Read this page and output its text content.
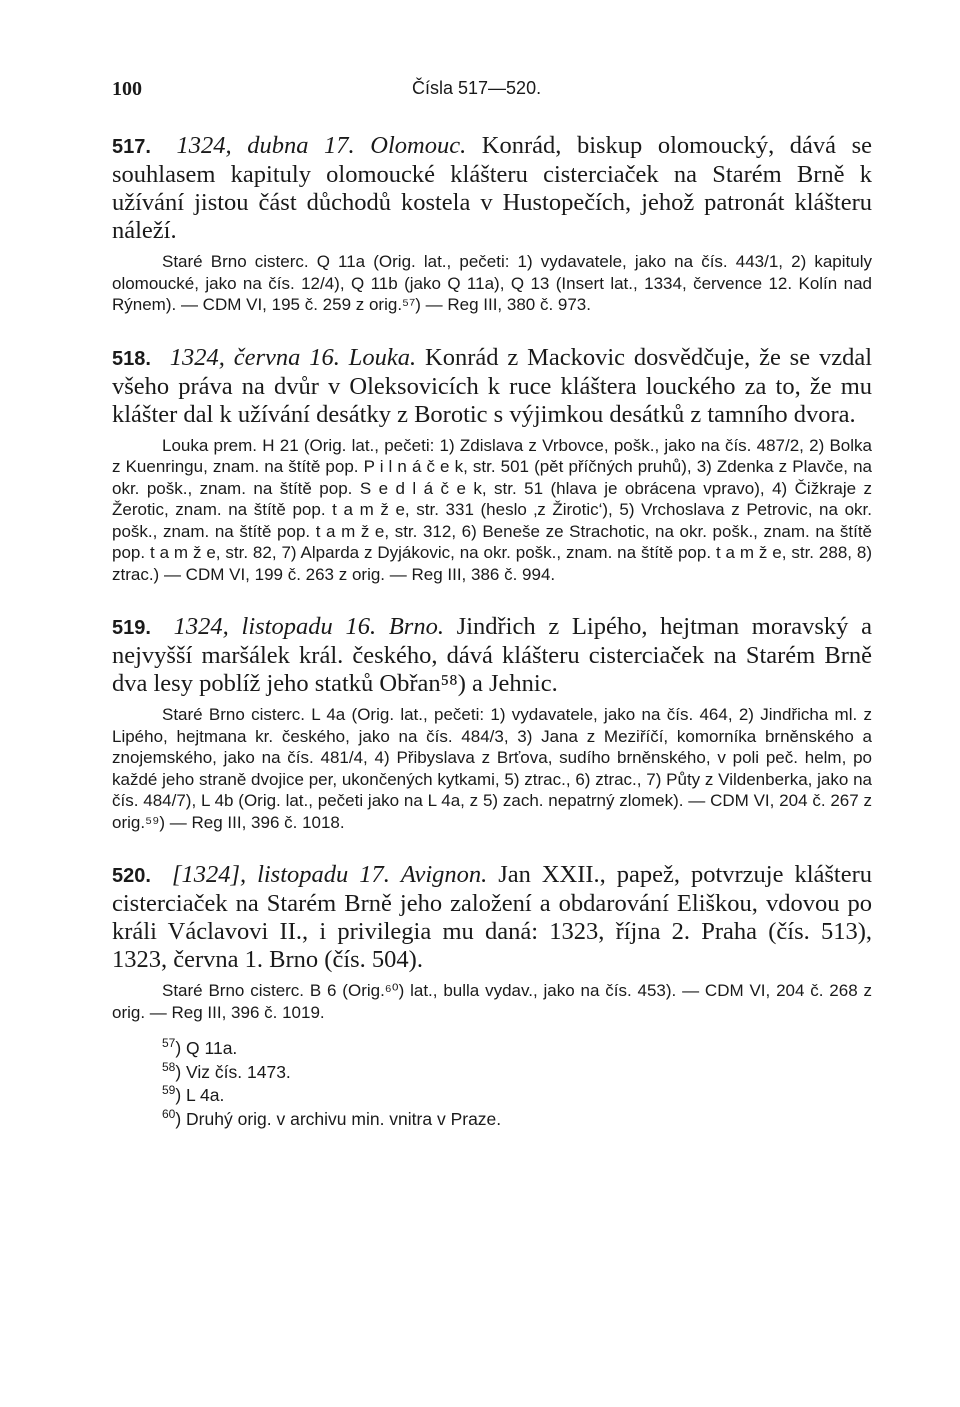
100	Čísla 517—520.

517. 1324, dubna 17. Olomouc. Konrád, biskup olomoucký, dává se souhlasem kapituly olomoucké klášteru cisterciaček na Starém Brně k užívání jistou část důchodů kostela v Hustopečích, jehož patronát klášteru náleží.

Staré Brno cisterc. Q 11a (Orig. lat., pečeti: 1) vydavatele, jako na čís. 443/1, 2) kapituly olomoucké, jako na čís. 12/4), Q 11b (jako Q 11a), Q 13 (Insert lat., 1334, července 12. Kolín nad Rýnem). — CDM VI, 195 č. 259 z orig.⁵⁷) — Reg III, 380 č. 973.

518. 1324, června 16. Louka. Konrád z Mackovic dosvědčuje, že se vzdal všeho práva na dvůr v Oleksovicích k ruce kláštera louckého za to, že mu klášter dal k užívání desátky z Borotic s výjimkou desátků z tamního dvora.

Louka prem. H 21 (Orig. lat., pečeti: 1) Zdislava z Vrbovce, pošk., jako na čís. 487/2, 2) Bolka z Kuenringu, znam. na štítě pop. P i l n á č e k, str. 501 (pět příčných pruhů), 3) Zdenka z Plavče, na okr. pošk., znam. na štítě pop. S e d l á č e k, str. 51 (hlava je obrácena vpravo), 4) Čižkraje z Žerotic, znam. na štítě pop. t a m ž e, str. 331 (heslo ‚z Žirotic‘), 5) Vrchoslava z Petrovic, na okr. pošk., znam. na štítě pop. t a m ž e, str. 312, 6) Beneše ze Strachotic, na okr. pošk., znam. na štítě pop. t a m ž e, str. 82, 7) Alparda z Dyjákovic, na okr. pošk., znam. na štítě pop. t a m ž e, str. 288, 8) ztrac.) — CDM VI, 199 č. 263 z orig. — Reg III, 386 č. 994.

519. 1324, listopadu 16. Brno. Jindřich z Lipého, hejtman moravský a nejvyšší maršálek král. českého, dává klášteru cisterciaček na Starém Brně dva lesy poblíž jeho statků Obřan⁵⁸) a Jehnic.

Staré Brno cisterc. L 4a (Orig. lat., pečeti: 1) vydavatele, jako na čís. 464, 2) Jindřicha ml. z Lipého, hejtmana kr. českého, jako na čís. 484/3, 3) Jana z Meziříčí, komorníka brněnského a znojemského, jako na čís. 481/4, 4) Přibyslava z Brťova, sudího brněnského, v poli peč. helm, po každé jeho straně dvojice per, ukončených kytkami, 5) ztrac., 6) ztrac., 7) Půty z Vildenberka, jako na čís. 484/7), L 4b (Orig. lat., pečeti jako na L 4a, z 5) zach. nepatrný zlomek). — CDM VI, 204 č. 267 z orig.⁵⁹) — Reg III, 396 č. 1018.

520. [1324], listopadu 17. Avignon. Jan XXII., papež, potvrzuje klášteru cisterciaček na Starém Brně jeho založení a obdarování Eliškou, vdovou po králi Václavovi II., i privilegia mu daná: 1323, října 2. Praha (čís. 513), 1323, června 1. Brno (čís. 504).

Staré Brno cisterc. B 6 (Orig.⁶⁰) lat., bulla vydav., jako na čís. 453). — CDM VI, 204 č. 268 z orig. — Reg III, 396 č. 1019.

$^{57}$) Q 11a.
$^{58}$) Viz čís. 1473.
$^{59}$) L 4a.
$^{60}$) Druhý orig. v archivu min. vnitra v Praze.
